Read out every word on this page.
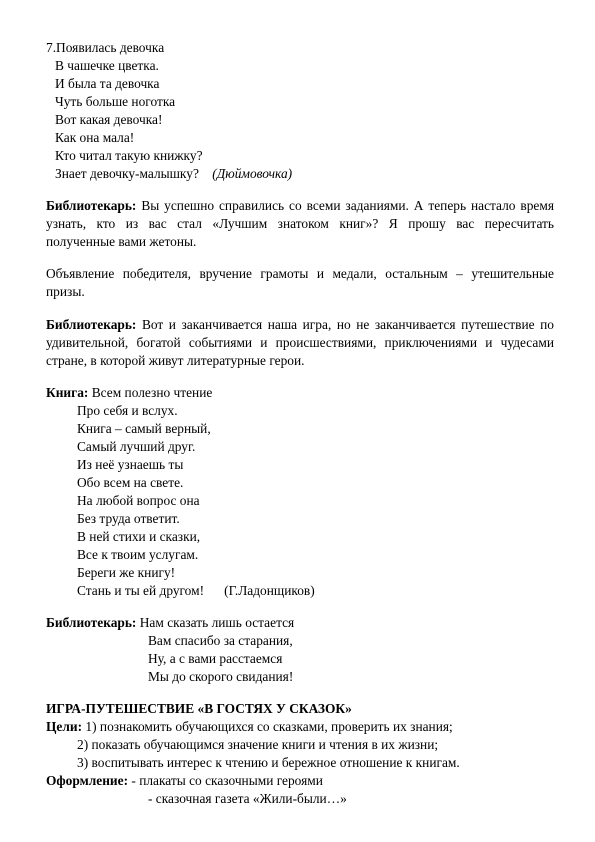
7.Появилась девочка
В чашечке цветка.
И была та девочка
Чуть больше ноготка
Вот какая девочка!
Как она мала!
Кто читал такую книжку?
Знает девочку-малышку? (Дюймовочка)
Библиотекарь: Вы успешно справились со всеми заданиями. А теперь настало время
узнать, кто из вас стал «Лучшим знатоком книг»? Я прошу вас пересчитать
полученные вами жетоны.
Объявление победителя, вручение грамоты и медали, остальным – утешительные
призы.
Библиотекарь: Вот и заканчивается наша игра, но не заканчивается путешествие по
удивительной, богатой событиями и происшествиями, приключениями и чудесами
стране, в которой живут литературные герои.
Книга: Всем полезно чтение
Про себя и вслух.
Книга – самый верный,
Самый лучший друг.
Из неё узнаешь ты
Обо всем на свете.
На любой вопрос она
Без труда ответит.
В ней стихи и сказки,
Все к твоим услугам.
Береги же книгу!
Стань и ты ей другом! (Г.Ладонщиков)
Библиотекарь: Нам сказать лишь остается
Вам спасибо за старания,
Ну, а с вами расстаемся
Мы до скорого свидания!
ИГРА-ПУТЕШЕСТВИЕ «В ГОСТЯХ У СКАЗОК»
Цели: 1) познакомить обучающихся со сказками, проверить их знания;
2) показать обучающимся значение книги и чтения в их жизни;
3) воспитывать интерес к чтению и бережное отношение к книгам.
Оформление: - плакаты со сказочными героями
- сказочная газета «Жили-были…»
